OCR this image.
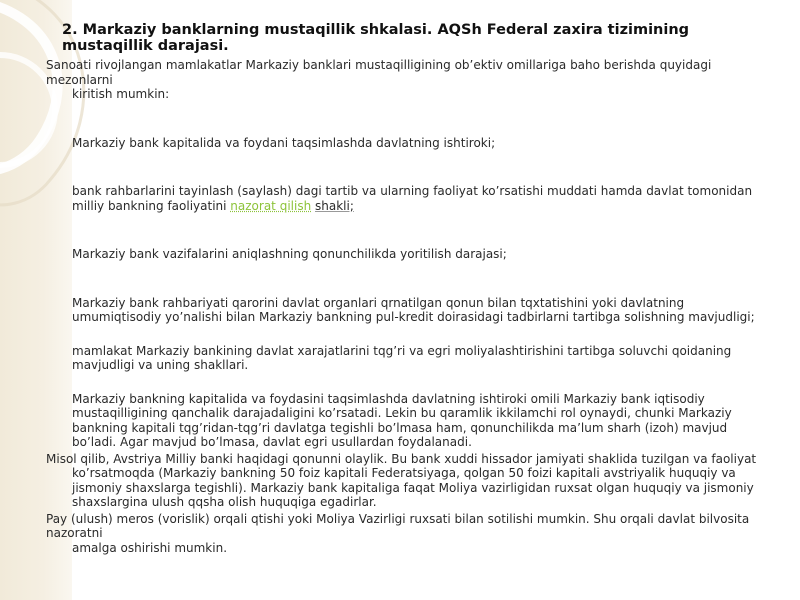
2. Markaziy banklarning mustaqillik shkalasi. AQSh Federal zaxira tizimining mustaqillik darajasi.

Sanoati rivojlangan mamlakatlar Markaziy banklari mustaqilligining ob’ektiv omillariga baho berishda quyidagi mezonlarni
kiritish mumkin:

Markaziy bank kapitalida va foydani taqsimlashda davlatning ishtiroki;

bank rahbarlarini tayinlash (saylash) dagi tartib va ularning faoliyat ko’rsatishi muddati hamda davlat tomonidan milliy bankning faoliyatini nazorat qilish shakli;

Markaziy bank vazifalarini aniqlashning qonunchilikda yoritilish darajasi;

Markaziy bank rahbariyati qarorini davlat organlari qrnatilgan qonun bilan tqxtatishini yoki davlatning umumiqtisodiy yo’nalishi bilan Markaziy bankning pul-kredit doirasidagi tadbirlarni tartibga solishning mavjudligi;

mamlakat Markaziy bankining davlat xarajatlarini tqg’ri va egri moliyalashtirishini tartibga soluvchi qoidaning mavjudligi va uning shakllari.

Markaziy bankning kapitalida va foydasini taqsimlashda davlatning ishtiroki omili Markaziy bank iqtisodiy mustaqilligining qanchalik darajadaligini ko’rsatadi. Lekin bu qaramlik ikkilamchi rol oynaydi, chunki Markaziy bankning kapitali tqg’ridan-tqg’ri davlatga tegishli bo’lmasa ham, qonunchilikda ma’lum sharh (izoh) mavjud bo’ladi. Agar mavjud bo’lmasa, davlat egri usullardan foydalanadi.

Misol qilib, Avstriya Milliy banki haqidagi qonunni olaylik. Bu bank xuddi hissador jamiyati shaklida tuzilgan va faoliyat
ko’rsatmoqda (Markaziy bankning 50 foiz kapitali Federatsiyaga, qolgan 50 foizi kapitali avstriyalik huquqiy va jismoniy shaxslarga tegishli). Markaziy bank kapitaliga faqat Moliya vazirligidan ruxsat olgan huquqiy va jismoniy shaxslargina ulush qqsha olish huquqiga egadirlar.

Pay (ulush) meros (vorislik) orqali qtishi yoki Moliya Vazirligi ruxsati bilan sotilishi mumkin. Shu orqali davlat bilvosita nazoratni
amalga oshirishi mumkin.
